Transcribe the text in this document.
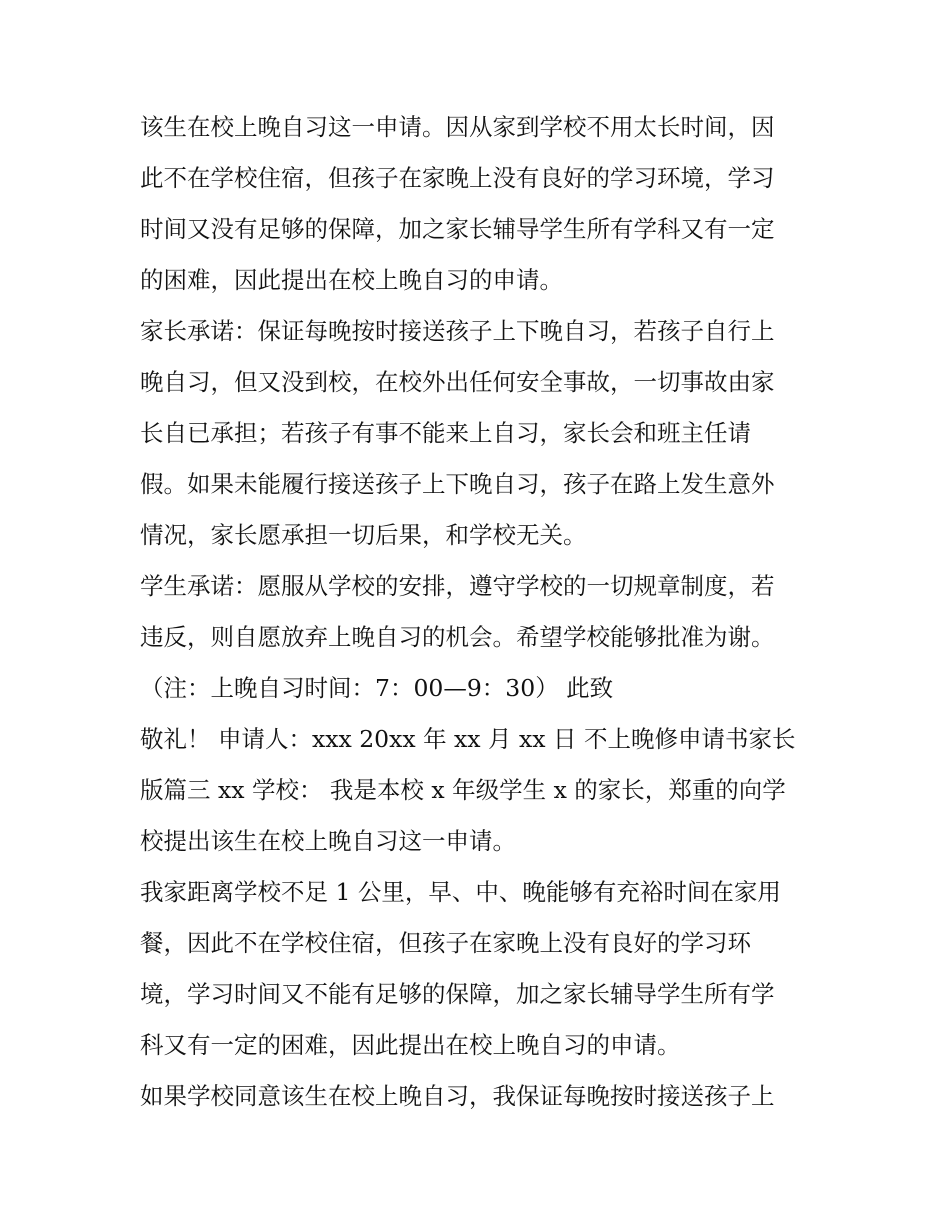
该生在校上晚自习这一申请。因从家到学校不用太长时间，因
此不在学校住宿，但孩子在家晚上没有良好的学习环境，学习
时间又没有足够的保障，加之家长辅导学生所有学科又有一定
的困难，因此提出在校上晚自习的申请。
家长承诺：保证每晚按时接送孩子上下晚自习，若孩子自行上
晚自习，但又没到校，在校外出任何安全事故，一切事故由家
长自已承担；若孩子有事不能来上自习，家长会和班主任请
假。如果未能履行接送孩子上下晚自习，孩子在路上发生意外
情况，家长愿承担一切后果，和学校无关。
学生承诺：愿服从学校的安排，遵守学校的一切规章制度，若
违反，则自愿放弃上晚自习的机会。希望学校能够批准为谢。
（注：上晚自习时间：7：00—9：30） 此致
敬礼！ 申请人：xxx 20xx 年 xx 月 xx 日 不上晚修申请书家长
版篇三 xx 学校： 我是本校 x 年级学生 x 的家长，郑重的向学
校提出该生在校上晚自习这一申请。
我家距离学校不足 1 公里，早、中、晚能够有充裕时间在家用
餐，因此不在学校住宿，但孩子在家晚上没有良好的学习环
境，学习时间又不能有足够的保障，加之家长辅导学生所有学
科又有一定的困难，因此提出在校上晚自习的申请。
如果学校同意该生在校上晚自习，我保证每晚按时接送孩子上
